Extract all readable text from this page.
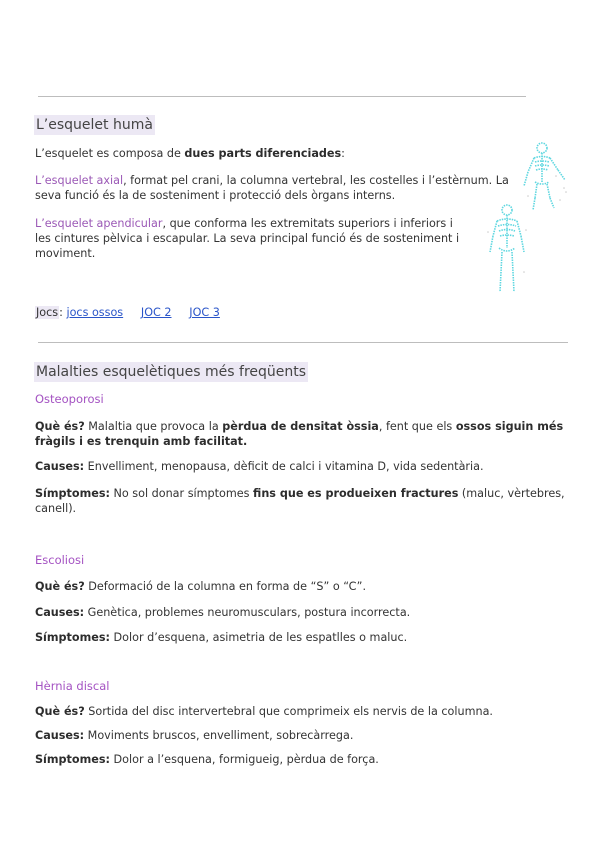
L’esquelet humà

L’esquelet es composa de dues parts diferenciades:

L’esquelet axial, format pel crani, la columna vertebral, les costelles i l’estèrnum. La

seva funció és la de sosteniment i protecció dels òrgans interns.

L’esquelet apendicular, que conforma les extremitats superiors i inferiors i

les cintures pèlvica i escapular. La seva principal funció és de sosteniment i

moviment.

Jocs: jocs ossos JOC 2 JOC 3

Malalties esquelètiques més freqüents
Osteoporosi

Què és? Malaltia que provoca la pèrdua de densitat òssia, fent que els ossos siguin més

fràgils i es trenquin amb facilitat.

Causes: Envelliment, menopausa, dèficit de calci i vitamina D, vida sedentària.

Símptomes: No sol donar símptomes fins que es produeixen fractures (maluc, vèrtebres,

canell).

Escoliosi

Què és? Deformació de la columna en forma de “S” o “C”.

Causes: Genètica, problemes neuromusculars, postura incorrecta.

Símptomes: Dolor d’esquena, asimetria de les espatlles o maluc.

Hèrnia discal

Què és? Sortida del disc intervertebral que comprimeix els nervis de la columna.

Causes: Moviments bruscos, envelliment, sobrecàrrega.

Símptomes: Dolor a l’esquena, formigueig, pèrdua de força.
